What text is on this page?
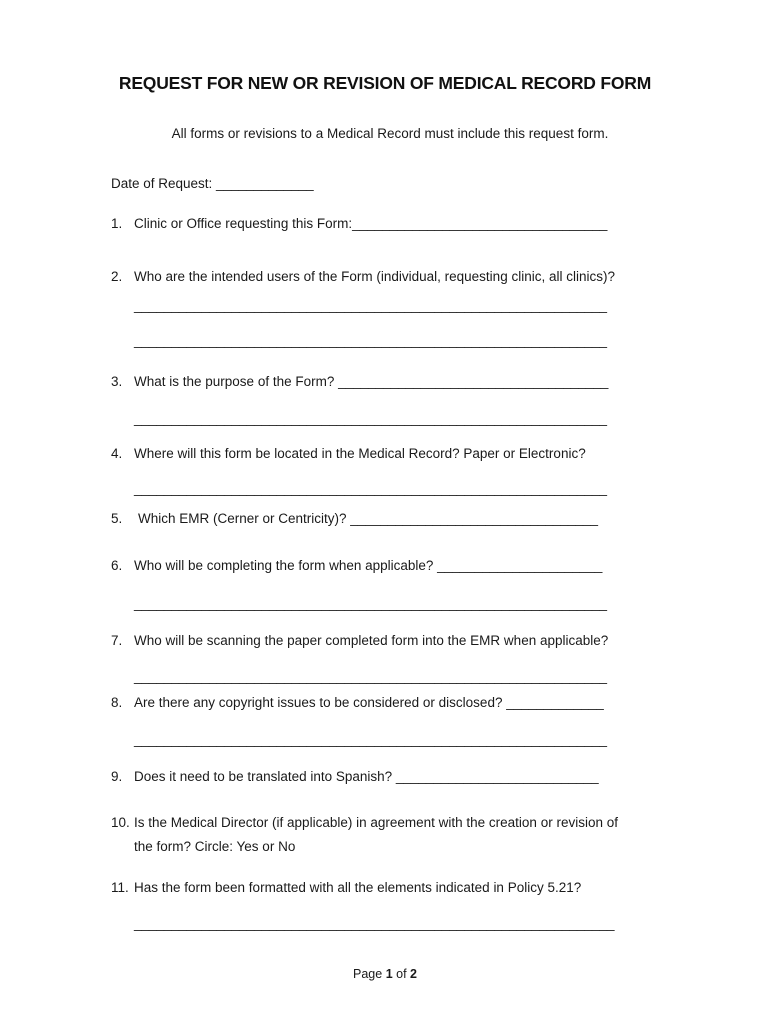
REQUEST FOR NEW OR REVISION OF MEDICAL RECORD FORM
All forms or revisions to a Medical Record must include this request form.
Date of Request: _____________
1. Clinic or Office requesting this Form:__________________________________
2. Who are the intended users of the Form (individual, requesting clinic, all clinics)?
_______________________________________________________________
_______________________________________________________________
3. What is the purpose of the Form? ____________________________________
_______________________________________________________________
4. Where will this form be located in the Medical Record? Paper or Electronic?
_______________________________________________________________
5. Which EMR (Cerner or Centricity)? _________________________________
6. Who will be completing the form when applicable? ______________________
_______________________________________________________________
7. Who will be scanning the paper completed form into the EMR when applicable?
_______________________________________________________________
8. Are there any copyright issues to be considered or disclosed? _____________
_______________________________________________________________
9. Does it need to be translated into Spanish? ___________________________
10. Is the Medical Director (if applicable) in agreement with the creation or revision of
the form? Circle: Yes or No
11. Has the form been formatted with all the elements indicated in Policy 5.21?
________________________________________________________________
Page 1 of 2
